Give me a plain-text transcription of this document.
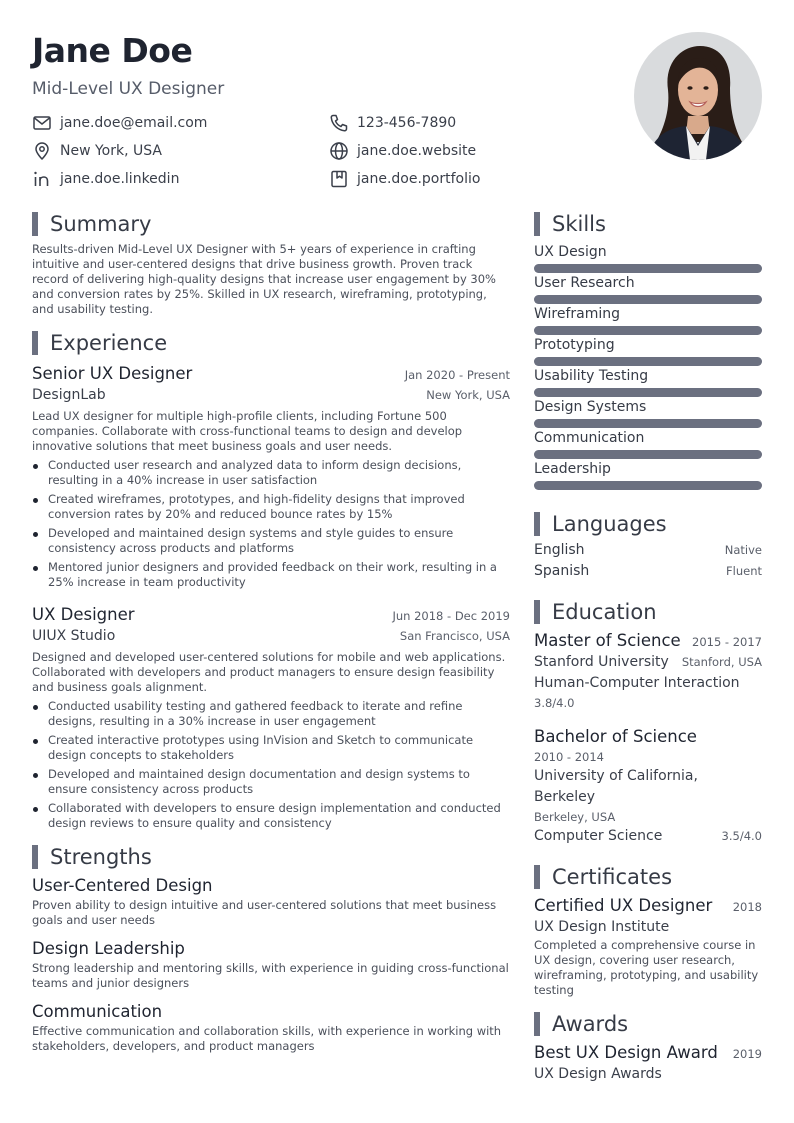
Jane Doe
Mid-Level UX Designer
jane.doe@email.com	123-456-7890
New York, USA	jane.doe.website
jane.doe.linkedin	jane.doe.portfolio
Summary
Results-driven Mid-Level UX Designer with 5+ years of experience in crafting intuitive and user-centered designs that drive business growth. Proven track record of delivering high-quality designs that increase user engagement by 30% and conversion rates by 25%. Skilled in UX research, wireframing, prototyping, and usability testing.
Experience
Senior UX Designer	Jan 2020 - Present
DesignLab	New York, USA
Lead UX designer for multiple high-profile clients, including Fortune 500 companies. Collaborate with cross-functional teams to design and develop innovative solutions that meet business goals and user needs.
Conducted user research and analyzed data to inform design decisions, resulting in a 40% increase in user satisfaction
Created wireframes, prototypes, and high-fidelity designs that improved conversion rates by 20% and reduced bounce rates by 15%
Developed and maintained design systems and style guides to ensure consistency across products and platforms
Mentored junior designers and provided feedback on their work, resulting in a 25% increase in team productivity
UX Designer	Jun 2018 - Dec 2019
UIUX Studio	San Francisco, USA
Designed and developed user-centered solutions for mobile and web applications. Collaborated with developers and product managers to ensure design feasibility and business goals alignment.
Conducted usability testing and gathered feedback to iterate and refine designs, resulting in a 30% increase in user engagement
Created interactive prototypes using InVision and Sketch to communicate design concepts to stakeholders
Developed and maintained design documentation and design systems to ensure consistency across products
Collaborated with developers to ensure design implementation and conducted design reviews to ensure quality and consistency
Strengths
User-Centered Design
Proven ability to design intuitive and user-centered solutions that meet business goals and user needs
Design Leadership
Strong leadership and mentoring skills, with experience in guiding cross-functional teams and junior designers
Communication
Effective communication and collaboration skills, with experience in working with stakeholders, developers, and product managers
Skills
UX Design
User Research
Wireframing
Prototyping
Usability Testing
Design Systems
Communication
Leadership
Languages
English	Native
Spanish	Fluent
Education
Master of Science 2015 - 2017
Stanford University Stanford, USA
Human-Computer Interaction
3.8/4.0
Bachelor of Science
2010 - 2014
University of California, Berkeley
Berkeley, USA
Computer Science	3.5/4.0
Certificates
Certified UX Designer 2018
UX Design Institute
Completed a comprehensive course in UX design, covering user research, wireframing, prototyping, and usability testing
Awards
Best UX Design Award 2019
UX Design Awards
